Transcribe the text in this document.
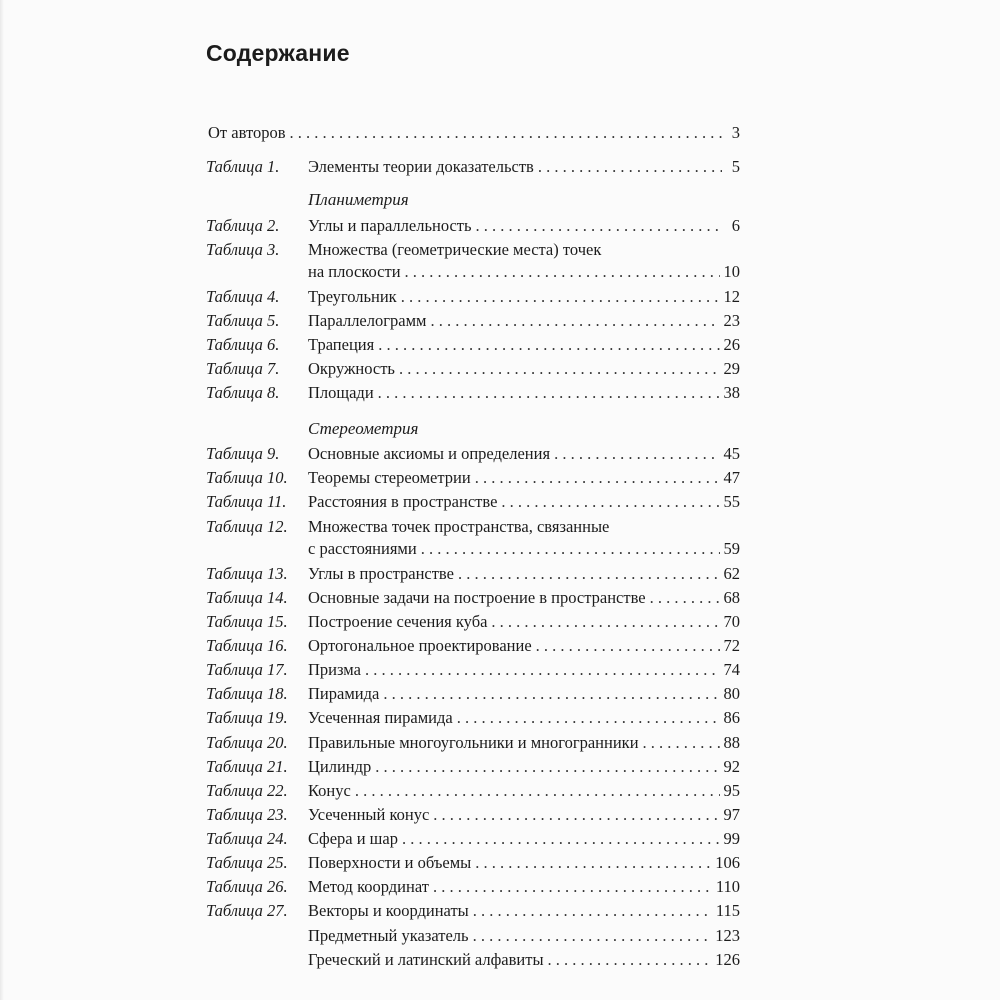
Содержание
От авторов . . .	3
Таблица 1. Элементы теории доказательств . . .	5
Планиметрия
Таблица 2. Углы и параллельность . . .	6
Таблица 3. Множества (геометрические места) точек
на плоскости . . .	10
Таблица 4. Треугольник . . .	12
Таблица 5. Параллелограмм . . .	23
Таблица 6. Трапеция . . .	26
Таблица 7. Окружность . . .	29
Таблица 8. Площади . . .	38
Стереометрия
Таблица 9. Основные аксиомы и определения . . .	45
Таблица 10. Теоремы стереометрии . . .	47
Таблица 11. Расстояния в пространстве . . .	55
Таблица 12. Множества точек пространства, связанные
с расстояниями . . .	59
Таблица 13. Углы в пространстве . . .	62
Таблица 14. Основные задачи на построение в пространстве . . .	68
Таблица 15. Построение сечения куба . . .	70
Таблица 16. Ортогональное проектирование . . .	72
Таблица 17. Призма . . .	74
Таблица 18. Пирамида . . .	80
Таблица 19. Усеченная пирамида . . .	86
Таблица 20. Правильные многоугольники и многогранники . . .	88
Таблица 21. Цилиндр . . .	92
Таблица 22. Конус . . .	95
Таблица 23. Усеченный конус . . .	97
Таблица 24. Сфера и шар . . .	99
Таблица 25. Поверхности и объемы . . .	106
Таблица 26. Метод координат . . .	110
Таблица 27. Векторы и координаты . . .	115
Предметный указатель . . .	123
Греческий и латинский алфавиты . . .	126
